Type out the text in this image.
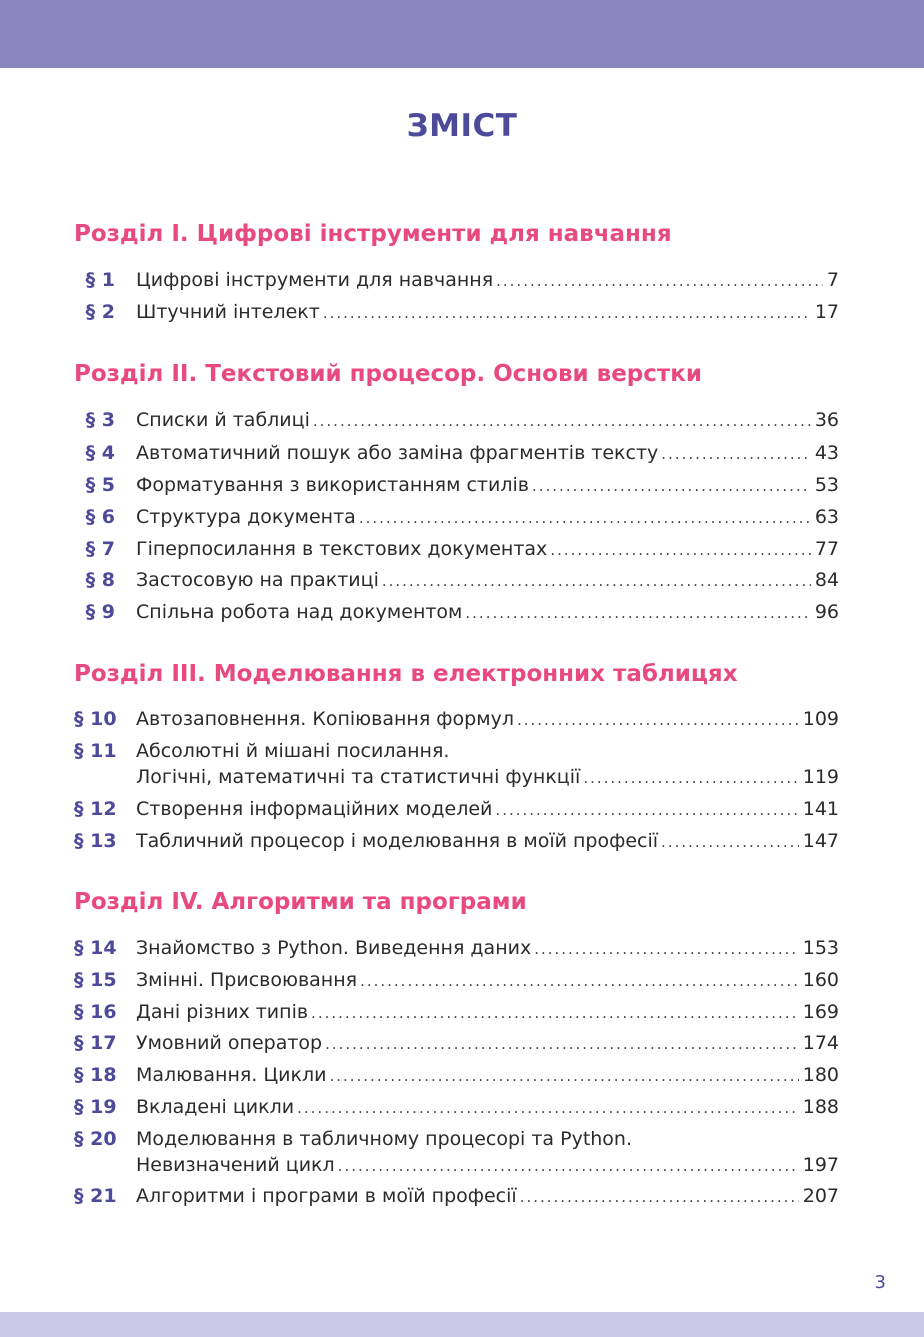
ЗМІСТ
Розділ I. Цифрові інструменти для навчання
§ 1 Цифрові інструменти для навчання .....	7
§ 2 Штучний інтелект .....	17
Розділ II. Текстовий процесор. Основи верстки
§ 3 Списки й таблиці .....	36
§ 4 Автоматичний пошук або заміна фрагментів тексту .....	43
§ 5 Форматування з використанням стилів .....	53
§ 6 Структура документа .....	63
§ 7 Гіперпосилання в текстових документах .....	77
§ 8 Застосовую на практиці .....	84
§ 9 Спільна робота над документом .....	96
Розділ III. Моделювання в електронних таблицях
§ 10 Автозаповнення. Копіювання формул .....	109
§ 11 Абсолютні й мішані посилання.
Логічні, математичні та статистичні функції .....	119
§ 12 Створення інформаційних моделей .....	141
§ 13 Табличний процесор і моделювання в моїй професії .....	147
Розділ IV. Алгоритми та програми
§ 14 Знайомство з Python. Виведення даних .....	153
§ 15 Змінні. Присвоювання .....	160
§ 16 Дані різних типів .....	169
§ 17 Умовний оператор .....	174
§ 18 Малювання. Цикли .....	180
§ 19 Вкладені цикли .....	188
§ 20 Моделювання в табличному процесорі та Python.
Невизначений цикл .....	197
§ 21 Алгоритми і програми в моїй професії .....	207
3
